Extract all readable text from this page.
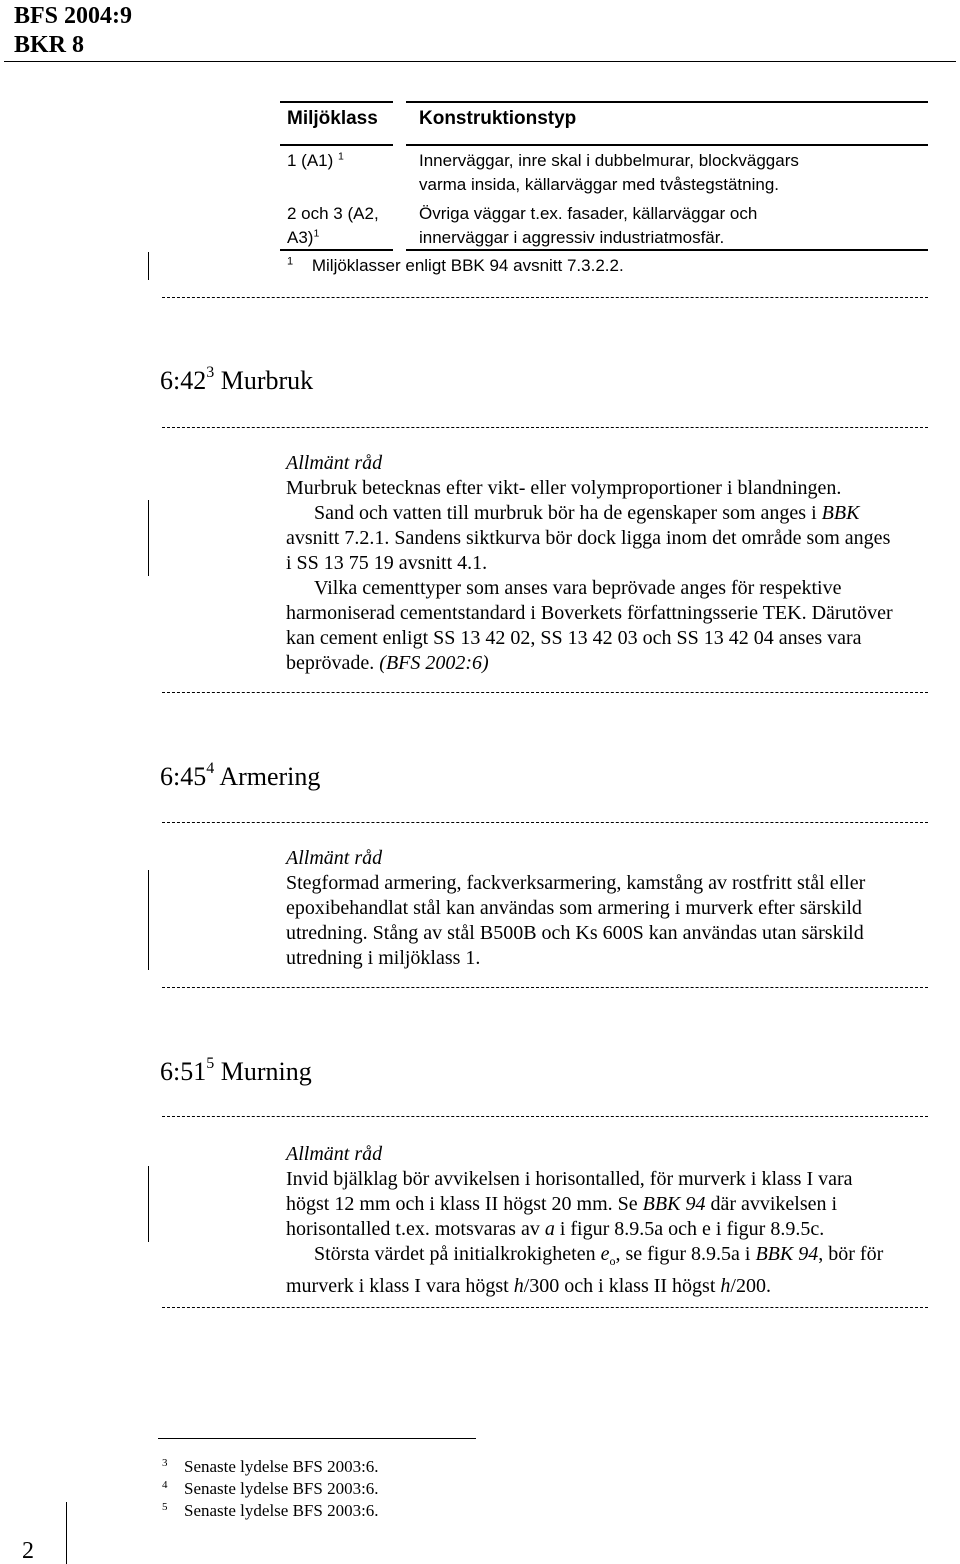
BFS 2004:9
BKR 8
Miljöklass Konstruktionstyp
1 (A1) $^1$	Innerväggar, inre skal i dubbelmurar, blockväggars
varma insida, källarväggar med tvåstegstätning.
2 och 3 (A2,
A3)$^1$
Övriga väggar t.ex. fasader, källarväggar och
innerväggar i aggressiv industriatmosfär.
$^1$ Miljöklasser enligt BBK 94 avsnitt 7.3.2.2.
$6:42^3$ Murbruk
Allmänt råd
Murbruk betecknas efter vikt- eller volymproportioner i blandningen.
Sand och vatten till murbruk bör ha de egenskaper som anges i BBK
avsnitt 7.2.1. Sandens siktkurva bör dock ligga inom det område som anges
i SS 13 75 19 avsnitt 4.1.
Vilka cementtyper som anses vara beprövade anges för respektive
harmoniserad cementstandard i Boverkets författningsserie TEK. Därutöver
kan cement enligt SS 13 42 02, SS 13 42 03 och SS 13 42 04 anses vara
beprövade. (BFS 2002:6)
$6:45^4$ Armering
Allmänt råd
Stegformad armering, fackverksarmering, kamstång av rostfritt stål eller
epoxibehandlat stål kan användas som armering i murverk efter särskild
utredning. Stång av stål B500B och Ks 600S kan användas utan särskild
utredning i miljöklass 1.
$6:51^5$ Murning
Allmänt råd
Invid bjälklag bör avvikelsen i horisontalled, för murverk i klass I vara
högst 12 mm och i klass II högst 20 mm. Se BBK 94 där avvikelsen i
horisontalled t.ex. motsvaras av a i figur 8.9.5a och e i figur 8.9.5c.
Största värdet på initialkrokigheten $e_o$, se figur 8.9.5a i BBK 94, bör för
murverk i klass I vara högst h/300 och i klass II högst h/200.
3 Senaste lydelse BFS 2003:6.
4 Senaste lydelse BFS 2003:6.
5 Senaste lydelse BFS 2003:6.
2
